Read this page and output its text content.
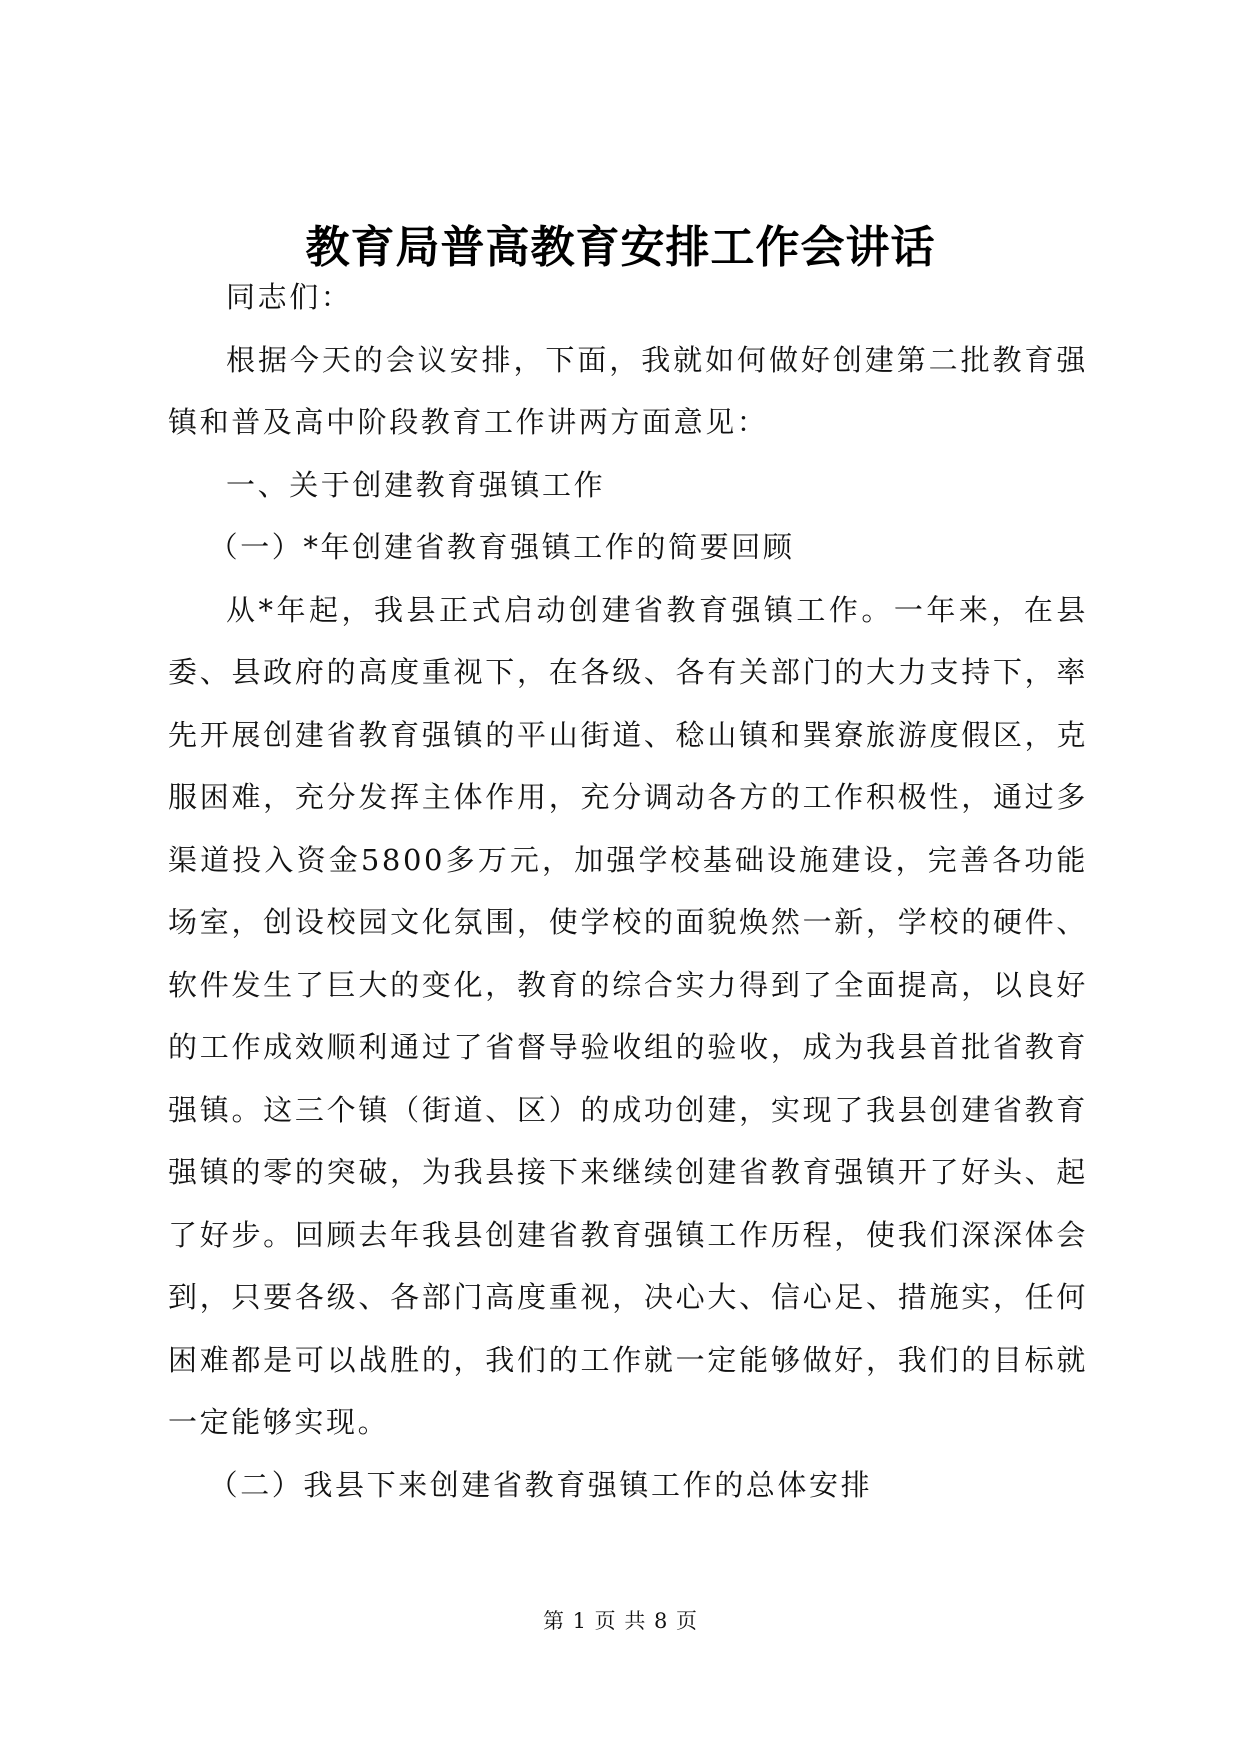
教育局普高教育安排工作会讲话

同志们：

根据今天的会议安排，下面，我就如何做好创建第二批教育强镇和普及高中阶段教育工作讲两方面意见：

一、关于创建教育强镇工作

（一）*年创建省教育强镇工作的简要回顾

从*年起，我县正式启动创建省教育强镇工作。一年来，在县委、县政府的高度重视下，在各级、各有关部门的大力支持下，率先开展创建省教育强镇的平山街道、稔山镇和巽寮旅游度假区，克服困难，充分发挥主体作用，充分调动各方的工作积极性，通过多渠道投入资金5800多万元，加强学校基础设施建设，完善各功能场室，创设校园文化氛围，使学校的面貌焕然一新，学校的硬件、软件发生了巨大的变化，教育的综合实力得到了全面提高，以良好的工作成效顺利通过了省督导验收组的验收，成为我县首批省教育强镇。这三个镇（街道、区）的成功创建，实现了我县创建省教育强镇的零的突破，为我县接下来继续创建省教育强镇开了好头、起了好步。回顾去年我县创建省教育强镇工作历程，使我们深深体会到，只要各级、各部门高度重视，决心大、信心足、措施实，任何困难都是可以战胜的，我们的工作就一定能够做好，我们的目标就一定能够实现。

（二）我县下来创建省教育强镇工作的总体安排

第 1 页 共 8 页
